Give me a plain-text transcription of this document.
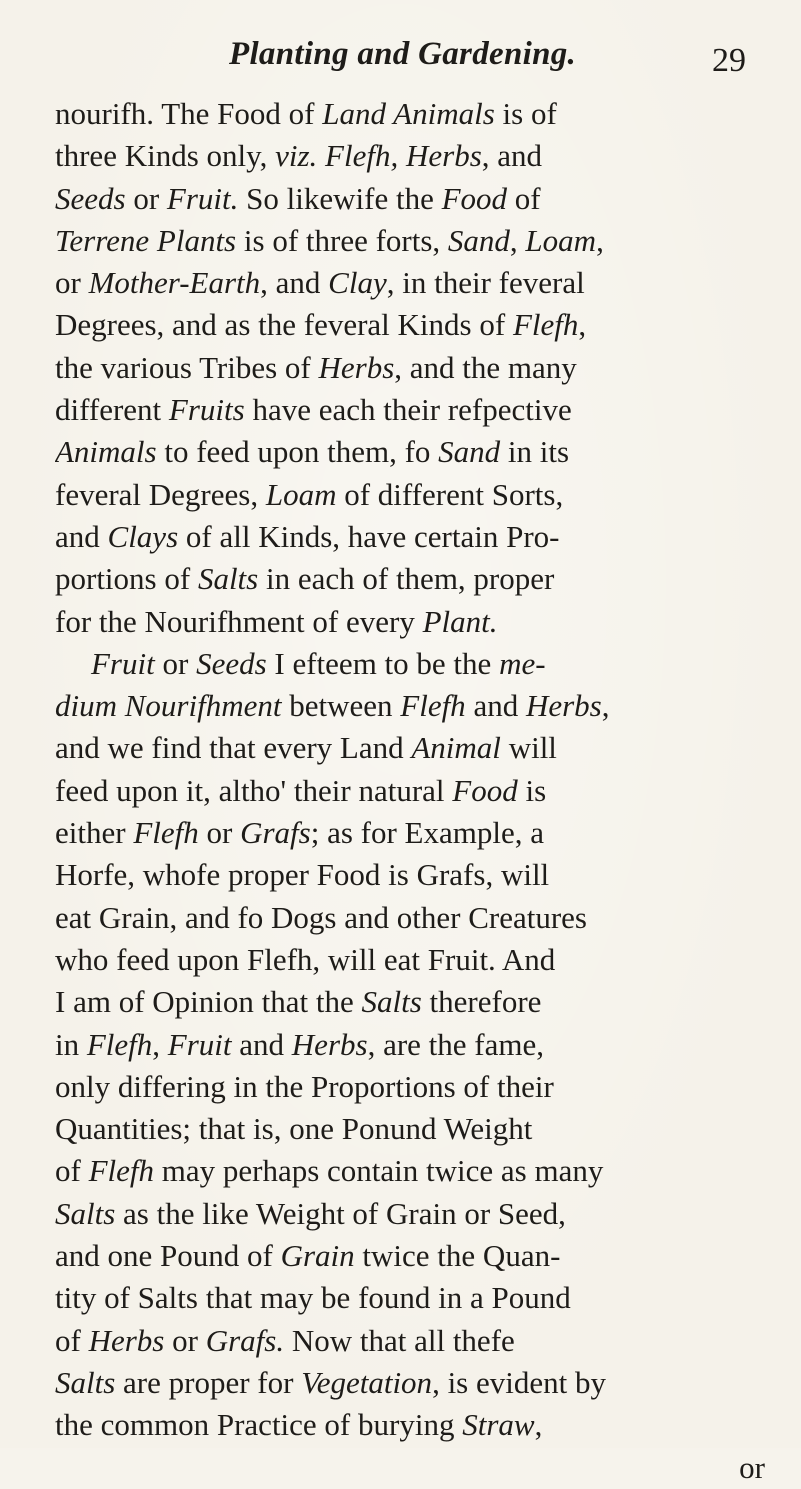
Planting and Gardening.	29
nourifh. The Food of Land Animals is of
three Kinds only, viz. Flefh, Herbs, and
Seeds or Fruit. So likewife the Food of
Terrene Plants is of three forts, Sand, Loam,
or Mother-Earth, and Clay, in their feveral
Degrees, and as the feveral Kinds of Flefh,
the various Tribes of Herbs, and the many
different Fruits have each their refpective
Animals to feed upon them, fo Sand in its
feveral Degrees, Loam of different Sorts,
and Clays of all Kinds, have certain Pro-
portions of Salts in each of them, proper
for the Nourifhment of every Plant.
Fruit or Seeds I efteem to be the me-
dium Nourifhment between Flefh and Herbs,
and we find that every Land Animal will
feed upon it, altho' their natural Food is
either Flefh or Grafs; as for Example, a
Horfe, whofe proper Food is Grafs, will
eat Grain, and fo Dogs and other Creatures
who feed upon Flefh, will eat Fruit. And
I am of Opinion that the Salts therefore
in Flefh, Fruit and Herbs, are the fame,
only differing in the Proportions of their
Quantities; that is, one Ponund Weight
of Flefh may perhaps contain twice as many
Salts as the like Weight of Grain or Seed,
and one Pound of Grain twice the Quan-
tity of Salts that may be found in a Pound
of Herbs or Grafs. Now that all thefe
Salts are proper for Vegetation, is evident by
the common Practice of burying Straw,
or
